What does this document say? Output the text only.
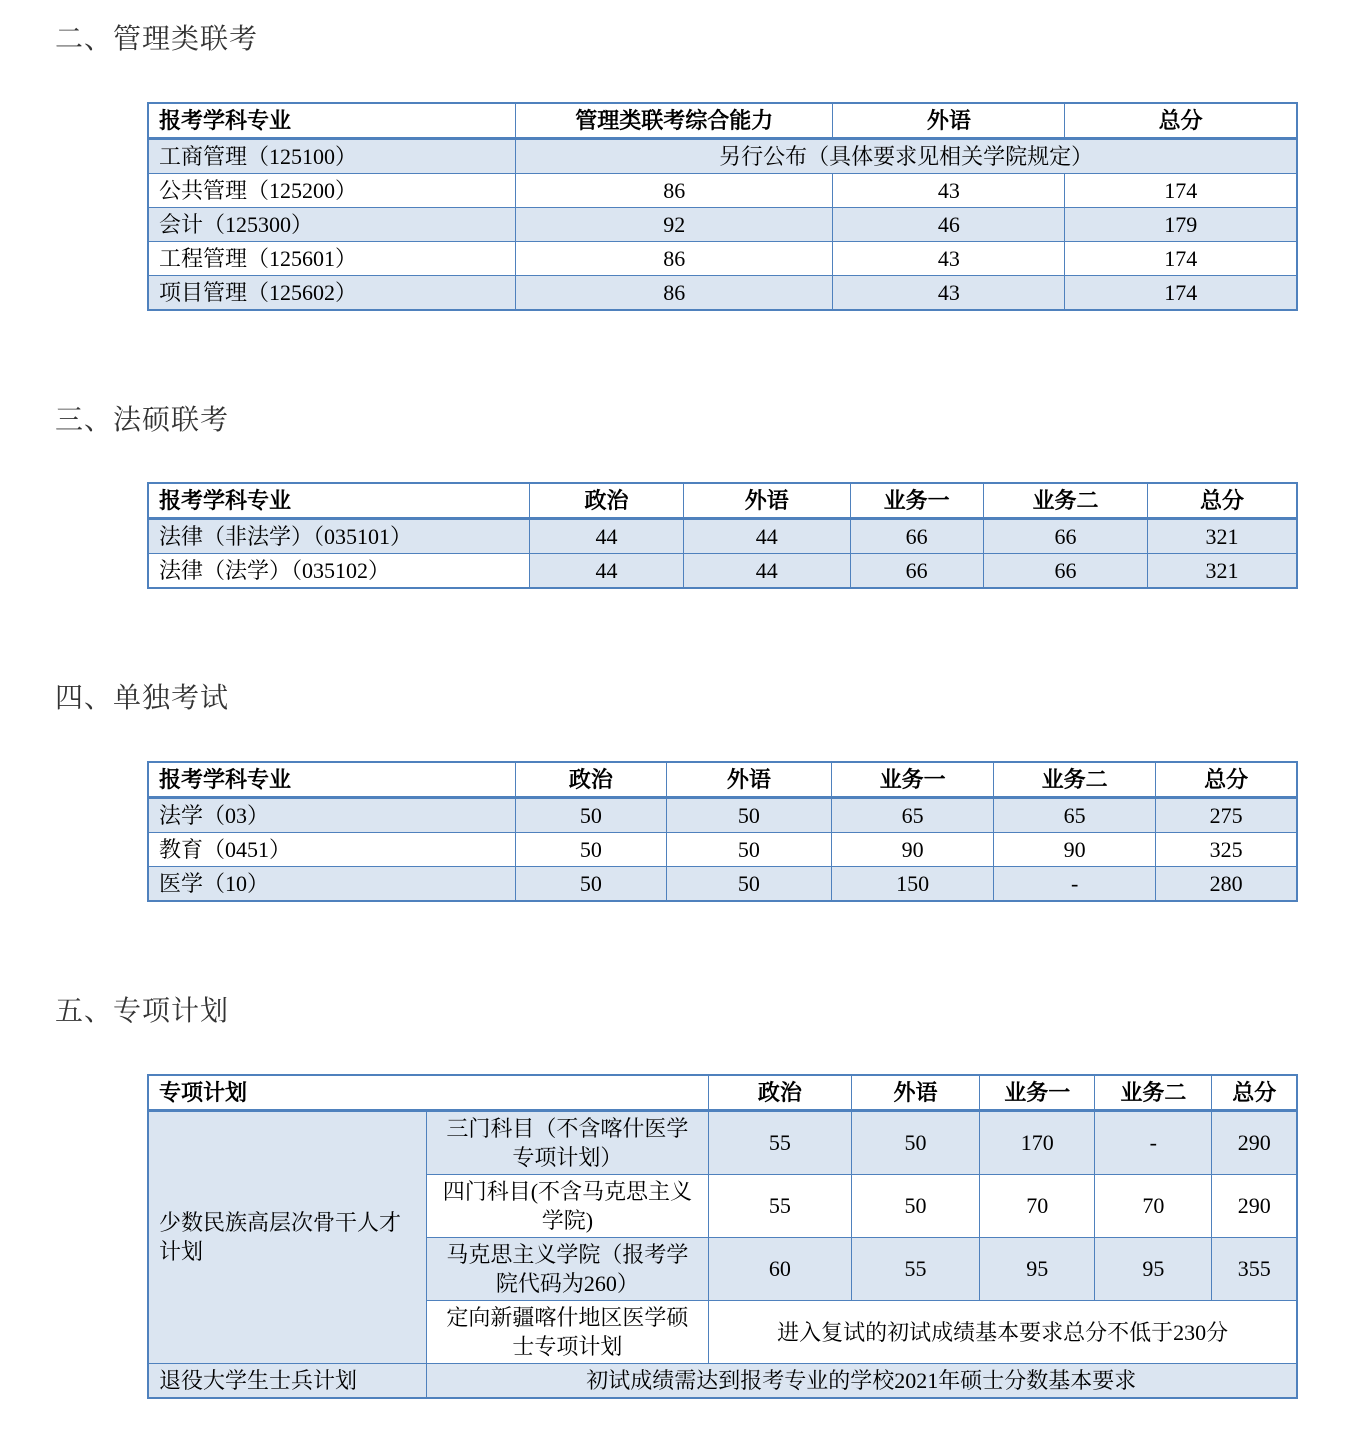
二、管理类联考
报考学科专业	管理类联考综合能力	外语	总分
工商管理（125100）	另行公布（具体要求见相关学院规定）		
公共管理（125200）	86	43	174
会计（125300）	92	46	179
工程管理（125601）	86	43	174
项目管理（125602）	86	43	174
三、法硕联考
报考学科专业	政治	外语	业务一	业务二	总分
法律（非法学）（035101）	44	44	66	66	321
法律（法学）（035102）	44	44	66	66	321
四、单独考试
报考学科专业	政治	外语	业务一	业务二	总分
法学（03）	50	50	65	65	275
教育（0451）	50	50	90	90	325
医学（10）	50	50	150	-	280
五、专项计划
专项计划		政治	外语	业务一	业务二	总分
少数民族高层次骨干人才计划	三门科目（不含喀什医学专项计划）	55	50	170	-	290
	四门科目(不含马克思主义学院)	55	50	70	70	290
	马克思主义学院（报考学院代码为260）	60	55	95	95	355
	定向新疆喀什地区医学硕士专项计划	进入复试的初试成绩基本要求总分不低于230分				
退役大学生士兵计划	初试成绩需达到报考专业的学校2021年硕士分数基本要求					
